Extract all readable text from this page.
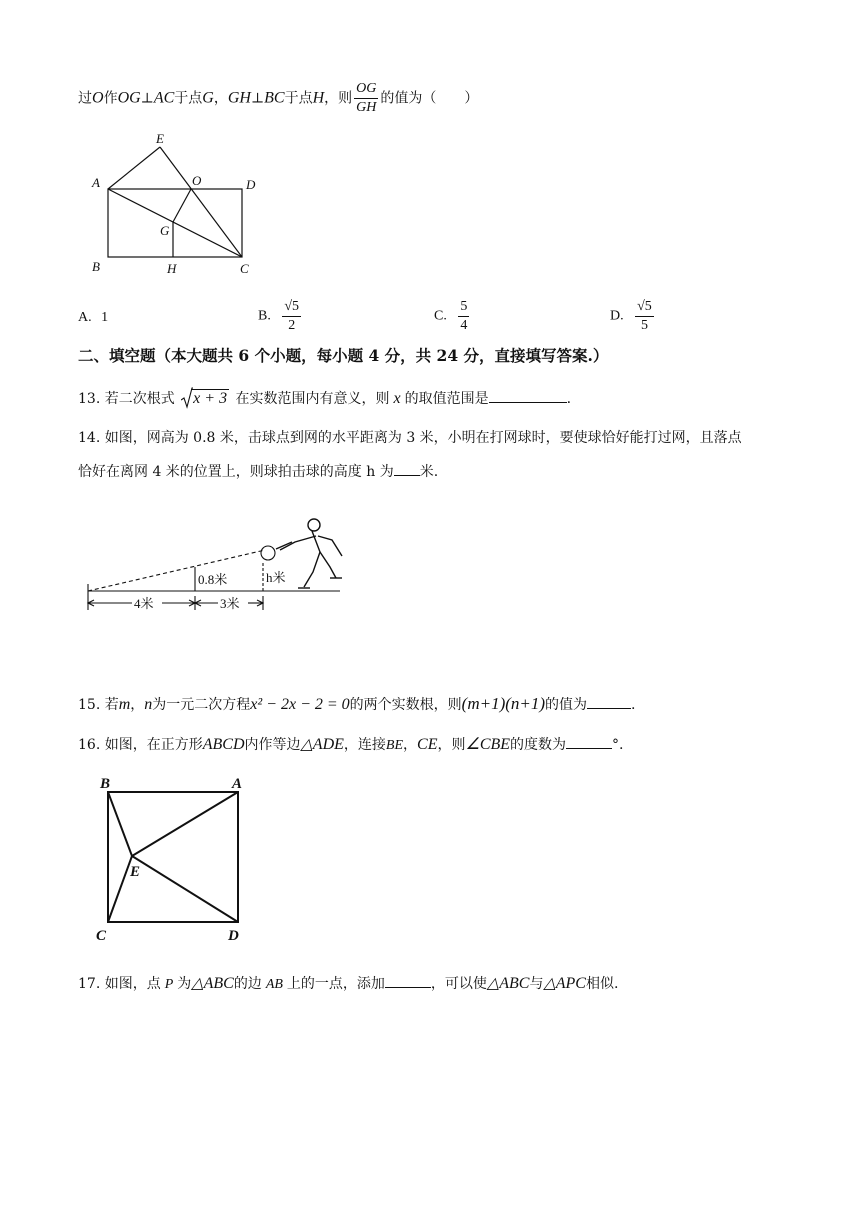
过O作OG⊥AC于点G，GH⊥BC于点H，则 $\frac{OG}{GH}$ 的值为（　　）
E
A	O	D
G
B	H	C
A. 1	B. $\frac{√5}{2}$	C. $\frac{5}{4}$	D. $\frac{√5}{5}$
二、填空题（本大题共 6 个小题，每小题 4 分，共 24 分，直接填写答案.）
13. 若二次根式 x + 3 在实数范围内有意义，则 x 的取值范围是	.
14. 如图，网高为 0.8 米，击球点到网的水平距离为 3 米，小明在打网球时，要使球恰好能打过网，且落点
恰好在离网 4 米的位置上，则球拍击球的高度 h 为 米.
0.8米	h米
4米	3米
15. 若m，n为一元二次方程x² − 2x − 2 = 0的两个实数根，则(m+1)(n+1)的值为	.
16. 如图，在正方形ABCD内作等边△ADE，连接BE，CE，则∠CBE的度数为	°.
B	A
E
C	D
17. 如图，点 P 为△ABC的边 AB 上的一点，添加	，可以使△ABC与△APC相似.
